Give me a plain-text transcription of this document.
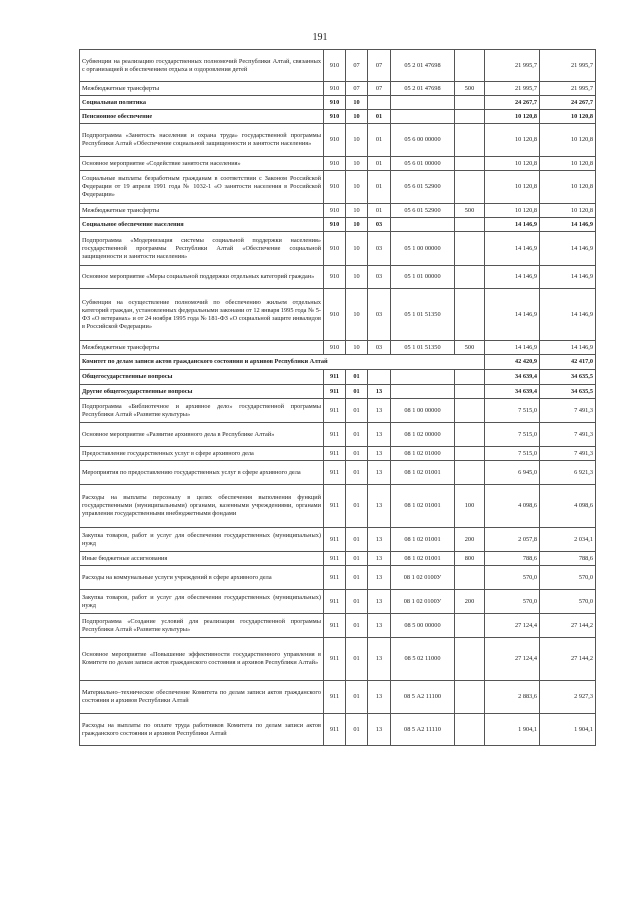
191
Субвенции на реализацию государственных полномочий Республики Алтай, связанных с организацией и обеспечением отдыха и оздоровления детей	910	07	07	05 2 01 47698		21 995,7	21 995,7
Межбюджетные трансферты	910	07	07	05 2 01 47698	500	21 995,7	21 995,7
Социальная политика	910	10				24 267,7	24 267,7
Пенсионное обеспечение	910	10	01			10 120,8	10 120,8
Подпрограмма «Занятость населения и охрана труда» государственной программы Республики Алтай «Обеспечение социальной защищенности и занятости населения»	910	10	01	05 6 00 00000		10 120,8	10 120,8
Основное мероприятие «Содействие занятости населения»	910	10	01	05 6 01 00000		10 120,8	10 120,8
Социальные выплаты безработным гражданам в соответствии с Законом Российской Федерации от 19 апреля 1991 года № 1032-1 «О занятости населения в Российской Федерации»	910	10	01	05 6 01 52900		10 120,8	10 120,8
Межбюджетные трансферты	910	10	01	05 6 01 52900	500	10 120,8	10 120,8
Социальное обеспечение населения	910	10	03			14 146,9	14 146,9
Подпрограмма «Модернизация системы социальной поддержки населения» государственной программы Республики Алтай «Обеспечение социальной защищенности и занятости населения»	910	10	03	05 1 00 00000		14 146,9	14 146,9
Основное мероприятие «Меры социальной поддержки отдельных категорий граждан»	910	10	03	05 1 01 00000		14 146,9	14 146,9
Субвенция на осуществление полномочий по обеспечению жильем отдельных категорий граждан, установленных федеральными законами от 12 января 1995 года № 5-ФЗ «О ветеранах» и от 24 ноября 1995 года № 181-ФЗ «О социальной защите инвалидов в Российской Федерации»	910	10	03	05 1 01 51350		14 146,9	14 146,9
Межбюджетные трансферты	910	10	03	05 1 01 51350	500	14 146,9	14 146,9
Комитет по делам записи актов гражданского состояния и архивов Республики Алтай						42 420,9	42 417,0
Общегосударственные вопросы	911	01				34 639,4	34 635,5
Другие общегосударственные вопросы	911	01	13			34 639,4	34 635,5
Подпрограмма «Библиотечное и архивное дело» государственной программы Республики Алтай «Развитие культуры»	911	01	13	08 1 00 00000		7 515,0	7 491,3
Основное мероприятие «Развитие архивного дела в Республике Алтай»	911	01	13	08 1 02 00000		7 515,0	7 491,3
Предоставление государственных услуг в сфере архивного дела	911	01	13	08 1 02 01000		7 515,0	7 491,3
Мероприятия по предоставлению государственных услуг в сфере архивного дела	911	01	13	08 1 02 01001		6 945,0	6 921,3
Расходы на выплаты персоналу в целях обеспечения выполнения функций государственными (муниципальными) органами, казенными учреждениями, органами управления государственными внебюджетными фондами	911	01	13	08 1 02 01001	100	4 098,6	4 098,6
Закупка товаров, работ и услуг для обеспечения государственных (муниципальных) нужд	911	01	13	08 1 02 01001	200	2 057,8	2 034,1
Иные бюджетные ассигнования	911	01	13	08 1 02 01001	800	788,6	788,6
Расходы на коммунальные услуги учреждений в сфере архивного дела	911	01	13	08 1 02 0100У		570,0	570,0
Закупка товаров, работ и услуг для обеспечения государственных (муниципальных) нужд	911	01	13	08 1 02 0100У	200	570,0	570,0
Подпрограмма «Создание условий для реализации государственной программы Республики Алтай «Развитие культуры»	911	01	13	08 5 00 00000		27 124,4	27 144,2
Основное мероприятие «Повышение эффективности государственного управления в Комитете по делам записи актов гражданского состояния и архивов Республики Алтай»	911	01	13	08 5 02 11000		27 124,4	27 144,2
Материально–техническое обеспечение Комитета по делам записи актов гражданского состояния и архивов Республики Алтай	911	01	13	08 5 А2 11100		2 883,6	2 927,3
Расходы на выплаты по оплате труда работников Комитета по делам записи актов гражданского состояния и архивов Республики Алтай	911	01	13	08 5 А2 11110		1 904,1	1 904,1
